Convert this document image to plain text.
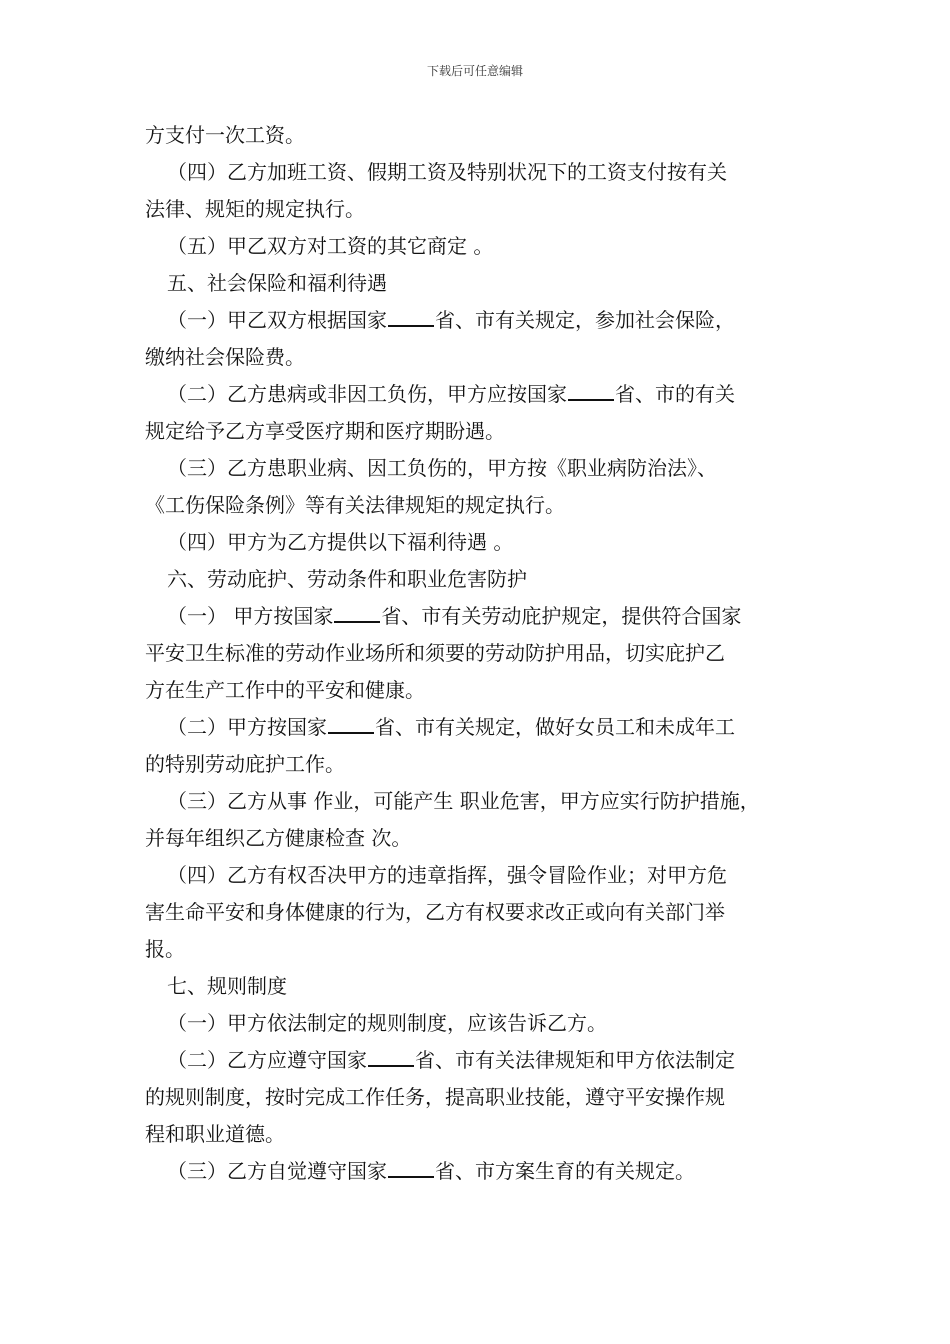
下载后可任意编辑
方支付一次工资。
（四）乙方加班工资、假期工资及特别状况下的工资支付按有关
法律、规矩的规定执行。
（五）甲乙双方对工资的其它商定 。
五、社会保险和福利待遇
（一）甲乙双方根据国家 省、市有关规定，参加社会保险，
缴纳社会保险费。
（二）乙方患病或非因工负伤，甲方应按国家 省、市的有关
规定给予乙方享受医疗期和医疗期盼遇。
（三）乙方患职业病、因工负伤的，甲方按《职业病防治法》、
《工伤保险条例》等有关法律规矩的规定执行。
（四）甲方为乙方提供以下福利待遇 。
六、劳动庇护、劳动条件和职业危害防护
（一） 甲方按国家 省、市有关劳动庇护规定，提供符合国家
平安卫生标准的劳动作业场所和须要的劳动防护用品，切实庇护乙
方在生产工作中的平安和健康。
（二）甲方按国家 省、市有关规定，做好女员工和未成年工
的特别劳动庇护工作。
（三）乙方从事 作业，可能产生 职业危害，甲方应实行防护措施，
并每年组织乙方健康检查 次。
（四）乙方有权否决甲方的违章指挥，强令冒险作业；对甲方危
害生命平安和身体健康的行为，乙方有权要求改正或向有关部门举
报。
七、规则制度
（一）甲方依法制定的规则制度，应该告诉乙方。
（二）乙方应遵守国家 省、市有关法律规矩和甲方依法制定
的规则制度，按时完成工作任务，提高职业技能，遵守平安操作规
程和职业道德。
（三）乙方自觉遵守国家 省、市方案生育的有关规定。
